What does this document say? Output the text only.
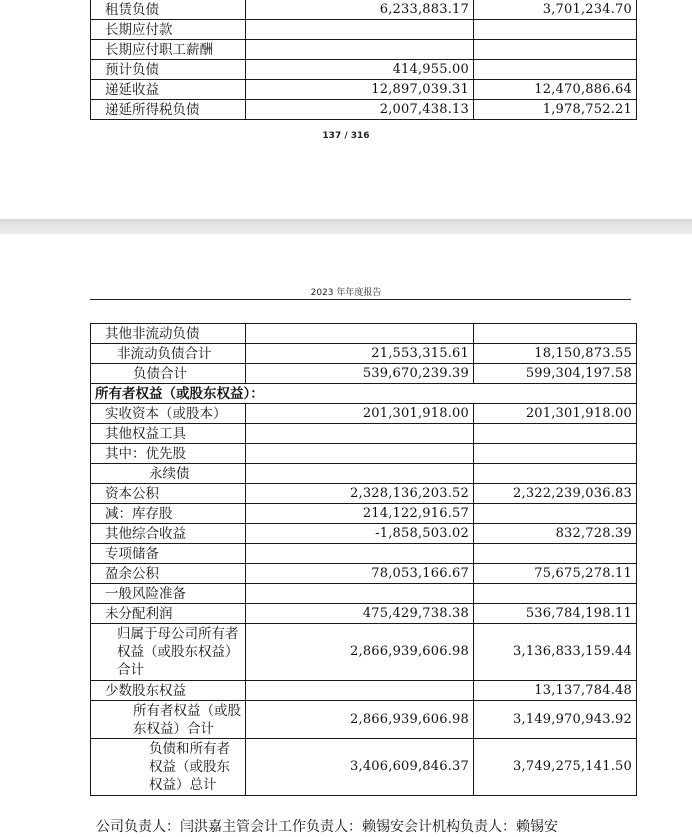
租赁负债	6,233,883.17	3,701,234.70
长期应付款		
长期应付职工薪酬		
预计负债	414,955.00	
递延收益	12,897,039.31	12,470,886.64
递延所得税负债	2,007,438.13	1,978,752.21
137 / 316
2023 年年度报告
其他非流动负债		
非流动负债合计	21,553,315.61	18,150,873.55
负债合计	539,670,239.39	599,304,197.58
所有者权益（或股东权益）：		
实收资本（或股本）	201,301,918.00	201,301,918.00
其他权益工具		
其中：优先股		
永续债		
资本公积	2,328,136,203.52	2,322,239,036.83
减：库存股	214,122,916.57	
其他综合收益	-1,858,503.02	832,728.39
专项储备		
盈余公积	78,053,166.67	75,675,278.11
一般风险准备		
未分配利润	475,429,738.38	536,784,198.11
归属于母公司所有者权益（或股东权益）合计	2,866,939,606.98	3,136,833,159.44
少数股东权益		13,137,784.48
所有者权益（或股东权益）合计	2,866,939,606.98	3,149,970,943.92
负债和所有者权益（或股东权益）总计	3,406,609,846.37	3,749,275,141.50
公司负责人：闫洪嘉主管会计工作负责人：赖锡安会计机构负责人：赖锡安
